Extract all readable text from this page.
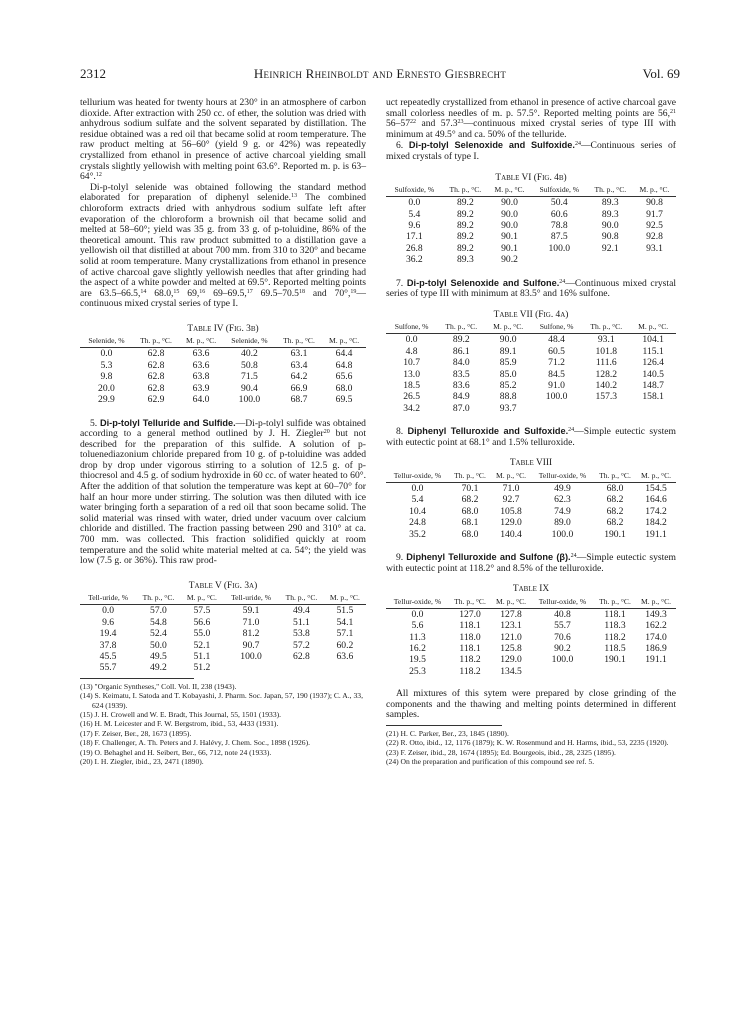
2312	Heinrich Rheinboldt and Ernesto Giesbrecht	Vol. 69

tellurium was heated for twenty hours at 230° in an atmosphere of carbon dioxide. After extraction with 250 cc. of ether, the solution was dried with anhydrous sodium sulfate and the solvent separated by distillation. The residue obtained was a red oil that became solid at room temperature. The raw product melting at 56–60° (yield 9 g. or 42%) was repeatedly crystallized from ethanol in presence of active charcoal yielding small crystals slightly yellowish with melting point 63.6°. Reported m. p. is 63–64°.$^{12}$

Di-p-tolyl selenide was obtained following the standard method elaborated for preparation of diphenyl selenide.$^{13}$ The combined chloroform extracts dried with anhydrous sodium sulfate left after evaporation of the chloroform a brownish oil that became solid and melted at 58–60°; yield was 35 g. from 33 g. of p-toluidine, 86% of the theoretical amount. This raw product submitted to a distillation gave a yellowish oil that distilled at about 700 mm. from 310 to 320° and became solid at room temperature. Many crystallizations from ethanol in presence of active charcoal gave slightly yellowish needles that after grinding had the aspect of a white powder and melted at 69.5°. Reported melting points are 63.5–66.5,14 68.0,15 69,16 69–69.5,17 69.5–70.5$^{18}$ and 70°,$^{19}$—continuous mixed crystal series of type I.

Table IV (Fig. 3b)
Selenide, %	Th. p., °C.	M. p., °C.	Selenide, %	Th. p., °C.	M. p., °C.
0.0	62.8	63.6	40.2	63.1	64.4
5.3	62.8	63.6	50.8	63.4	64.8
9.8	62.8	63.8	71.5	64.2	65.6
20.0	62.8	63.9	90.4	66.9	68.0
29.9	62.9	64.0	100.0	68.7	69.5

5. Di-p-tolyl Telluride and Sulfide.—Di-p-tolyl sulfide was obtained according to a general method outlined by J. H. Ziegler$^{20}$ but not described for the preparation of this sulfide. A solution of p-toluenediazonium chloride prepared from 10 g. of p-toluidine was added drop by drop under vigorous stirring to a solution of 12.5 g. of p-thiocresol and 4.5 g. of sodium hydroxide in 60 cc. of water heated to 60°. After the addition of that solution the temperature was kept at 60–70° for half an hour more under stirring. The solution was then diluted with ice water bringing forth a separation of a red oil that soon became solid. The solid material was rinsed with water, dried under vacuum over calcium chloride and distilled. The fraction passing between 290 and 310° at ca. 700 mm. was collected. This fraction solidified quickly at room temperature and the solid white material melted at ca. 54°; the yield was low (7.5 g. or 36%). This raw prod-

Table V (Fig. 3a)
Tell-uride, %	Th. p., °C.	M. p., °C.	Tell-uride, %	Th. p., °C.	M. p., °C.
0.0	57.0	57.5	59.1	49.4	51.5
9.6	54.8	56.6	71.0	51.1	54.1
19.4	52.4	55.0	81.2	53.8	57.1
37.8	50.0	52.1	90.7	57.2	60.2
45.5	49.5	51.1	100.0	62.8	63.6
55.7	49.2	51.2			
(13) "Organic Syntheses," Coll. Vol. II, 238 (1943).
(14) S. Keimatu, I. Satoda and T. Kobayashi, J. Pharm. Soc. Japan, 57, 190 (1937); C. A., 33, 624 (1939).
(15) J. H. Crowell and W. E. Bradt, This Journal, 55, 1501 (1933).
(16) H. M. Leicester and F. W. Bergstrom, ibid., 53, 4433 (1931).
(17) F. Zeiser, Ber., 28, 1673 (1895).
(18) F. Challenger, A. Th. Peters and J. Halévy, J. Chem. Soc., 1898 (1926).
(19) O. Behaghel and H. Seibert, Ber., 66, 712, note 24 (1933).
(20) I. H. Ziegler, ibid., 23, 2471 (1890).

uct repeatedly crystallized from ethanol in presence of active charcoal gave small colorless needles of m. p. 57.5°. Reported melting points are 56,21 $56-57^{22}$ and 57.3$^{23}$—continuous mixed crystal series of type III with minimum at 49.5° and ca. 50% of the telluride.

6. Di-p-tolyl Selenoxide and Sulfoxide.$^{24}$—Continuous series of mixed crystals of type I.

Table VI (Fig. 4b)
Sulfoxide, %	Th. p., °C.	M. p., °C.	Sulfoxide, %	Th. p., °C.	M. p., °C.
0.0	89.2	90.0	50.4	89.3	90.8
5.4	89.2	90.0	60.6	89.3	91.7
9.6	89.2	90.0	78.8	90.0	92.5
17.1	89.2	90.1	87.5	90.8	92.8
26.8	89.2	90.1	100.0	92.1	93.1
36.2	89.3	90.2			

7. Di-p-tolyl Selenoxide and Sulfone.$^{24}$—Continuous mixed crystal series of type III with minimum at 83.5° and 16% sulfone.

Table VII (Fig. 4a)
Sulfone, %	Th. p., °C.	M. p., °C.	Sulfone, %	Th. p., °C.	M. p., °C.
0.0	89.2	90.0	48.4	93.1	104.1
4.8	86.1	89.1	60.5	101.8	115.1
10.7	84.0	85.9	71.2	111.6	126.4
13.0	83.5	85.0	84.5	128.2	140.5
18.5	83.6	85.2	91.0	140.2	148.7
26.5	84.9	88.8	100.0	157.3	158.1
34.2	87.0	93.7			

8. Diphenyl Telluroxide and Sulfoxide.$^{24}$—Simple eutectic system with eutectic point at 68.1° and 1.5% telluroxide.

Table VIII
Tellur-oxide, %	Th. p., °C.	M. p., °C.	Tellur-oxide, %	Th. p., °C.	M. p., °C.
0.0	70.1	71.0	49.9	68.0	154.5
5.4	68.2	92.7	62.3	68.2	164.6
10.4	68.0	105.8	74.9	68.2	174.2
24.8	68.1	129.0	89.0	68.2	184.2
35.2	68.0	140.4	100.0	190.1	191.1

9. Diphenyl Telluroxide and Sulfone (β).$^{24}$—Simple eutectic system with eutectic point at 118.2° and 8.5% of the telluroxide.

Table IX
Tellur-oxide, %	Th. p., °C.	M. p., °C.	Tellur-oxide, %	Th. p., °C.	M. p., °C.
0.0	127.0	127.8	40.8	118.1	149.3
5.6	118.1	123.1	55.7	118.3	162.2
11.3	118.0	121.0	70.6	118.2	174.0
16.2	118.1	125.8	90.2	118.5	186.9
19.5	118.2	129.0	100.0	190.1	191.1
25.3	118.2	134.5			

All mixtures of this sytem were prepared by close grinding of the components and the thawing and melting points determined in different samples.

(21) H. C. Parker, Ber., 23, 1845 (1890).
(22) R. Otto, ibid., 12, 1176 (1879); K. W. Rosenmund and H. Harms, ibid., 53, 2235 (1920).
(23) F. Zeiser, ibid., 28, 1674 (1895); Ed. Bourgeois, ibid., 28, 2325 (1895).
(24) On the preparation and purification of this compound see ref. 5.
